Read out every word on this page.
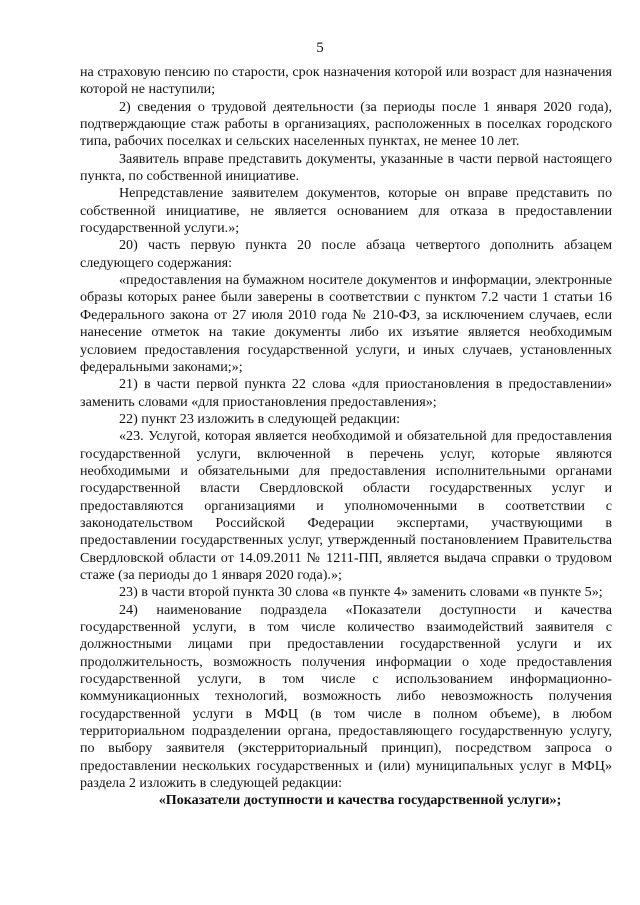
5

на страховую пенсию по старости, срок назначения которой или возраст для назначения которой не наступили;

2) сведения о трудовой деятельности (за периоды после 1 января 2020 года), подтверждающие стаж работы в организациях, расположенных в поселках городского типа, рабочих поселках и сельских населенных пунктах, не менее 10 лет.

Заявитель вправе представить документы, указанные в части первой настоящего пункта, по собственной инициативе.

Непредставление заявителем документов, которые он вправе представить по собственной инициативе, не является основанием для отказа в предоставлении государственной услуги.»;

20) часть первую пункта 20 после абзаца четвертого дополнить абзацем следующего содержания:

«предоставления на бумажном носителе документов и информации, электронные образы которых ранее были заверены в соответствии с пунктом 7.2 части 1 статьи 16 Федерального закона от 27 июля 2010 года № 210-ФЗ, за исключением случаев, если нанесение отметок на такие документы либо их изъятие является необходимым условием предоставления государственной услуги, и иных случаев, установленных федеральными законами;»;

21) в части первой пункта 22 слова «для приостановления в предоставлении» заменить словами «для приостановления предоставления»;

22) пункт 23 изложить в следующей редакции:

«23. Услугой, которая является необходимой и обязательной для предоставления государственной услуги, включенной в перечень услуг, которые являются необходимыми и обязательными для предоставления исполнительными органами государственной власти Свердловской области государственных услуг и предоставляются организациями и уполномоченными в соответствии с законодательством Российской Федерации экспертами, участвующими в предоставлении государственных услуг, утвержденный постановлением Правительства Свердловской области от 14.09.2011 № 1211-ПП, является выдача справки о трудовом стаже (за периоды до 1 января 2020 года).»;

23) в части второй пункта 30 слова «в пункте 4» заменить словами «в пункте 5»;

24) наименование подраздела «Показатели доступности и качества государственной услуги, в том числе количество взаимодействий заявителя с должностными лицами при предоставлении государственной услуги и их продолжительность, возможность получения информации о ходе предоставления государственной услуги, в том числе с использованием информационно-коммуникационных технологий, возможность либо невозможность получения государственной услуги в МФЦ (в том числе в полном объеме), в любом территориальном подразделении органа, предоставляющего государственную услугу, по выбору заявителя (экстерриториальный принцип), посредством запроса о предоставлении нескольких государственных и (или) муниципальных услуг в МФЦ» раздела 2 изложить в следующей редакции:

«Показатели доступности и качества государственной услуги»;
